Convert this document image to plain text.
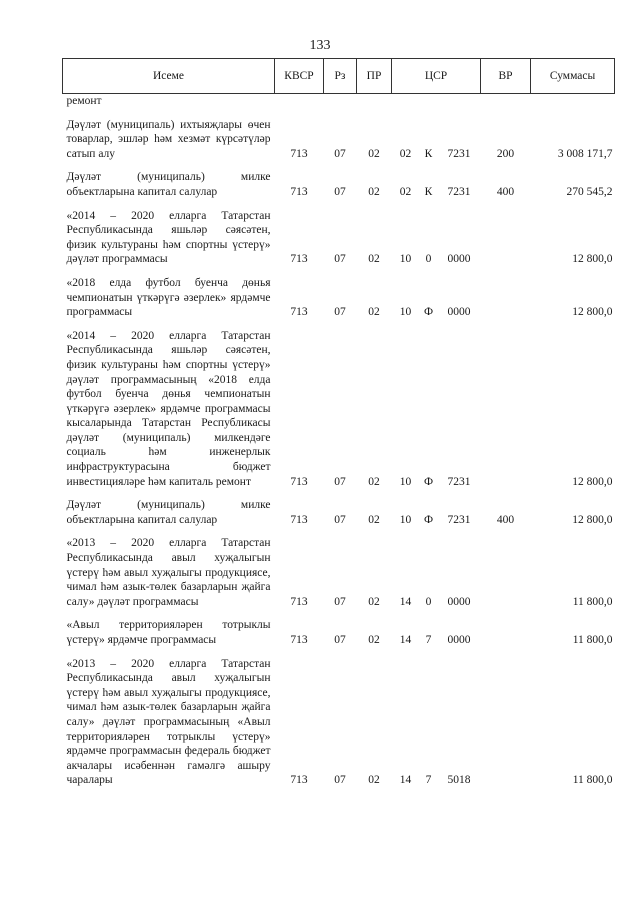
133
Исеме	КВСР	Рз	ПР	ЦСР			ВР	Суммасы
ремонт								
Дәүләт (муниципаль) ихтыяҗлары өчен товарлар, эшләр һәм хезмәт күрсәтүләр сатып алу	713	07	02	02	К	7231	200	3 008 171,7
Дәүләт (муниципаль) милке объектларына капитал салулар	713	07	02	02	К	7231	400	270 545,2
«2014 – 2020 елларга Татарстан Республикасында яшьләр сәясәтен, физик культураны һәм спортны үстерү» дәүләт программасы	713	07	02	10	0	0000		12 800,0
«2018 елда футбол буенча дөнья чемпионатын үткәрүгә әзерлек» ярдәмче программасы	713	07	02	10	Ф	0000		12 800,0
«2014 – 2020 елларга Татарстан Республикасында яшьләр сәясәтен, физик культураны һәм спортны үстерү» дәүләт программасының «2018 елда футбол буенча дөнья чемпионатын үткәрүгә әзерлек» ярдәмче программасы кысаларында Татарстан Республикасы дәүләт (муниципаль) милкендәге социаль һәм инженерлык инфраструктурасына бюджет инвестицияләре һәм капиталь ремонт	713	07	02	10	Ф	7231		12 800,0
Дәүләт (муниципаль) милке объектларына капитал салулар	713	07	02	10	Ф	7231	400	12 800,0
«2013 – 2020 елларга Татарстан Республикасында авыл хуҗалыгын үстерү һәм авыл хуҗалыгы продукциясе, чимал һәм азык-төлек базарларын җайга салу» дәүләт программасы	713	07	02	14	0	0000		11 800,0
«Авыл территорияләрен тотрыклы үстерү» ярдәмче программасы	713	07	02	14	7	0000		11 800,0
«2013 – 2020 елларга Татарстан Республикасында авыл хуҗалыгын үстерү һәм авыл хуҗалыгы продукциясе, чимал һәм азык-төлек базарларын җайга салу» дәүләт программасының «Авыл территорияләрен тотрыклы үстерү» ярдәмче программасын федераль бюджет акчалары исәбеннән гамәлгә ашыру чаралары	713	07	02	14	7	5018		11 800,0
